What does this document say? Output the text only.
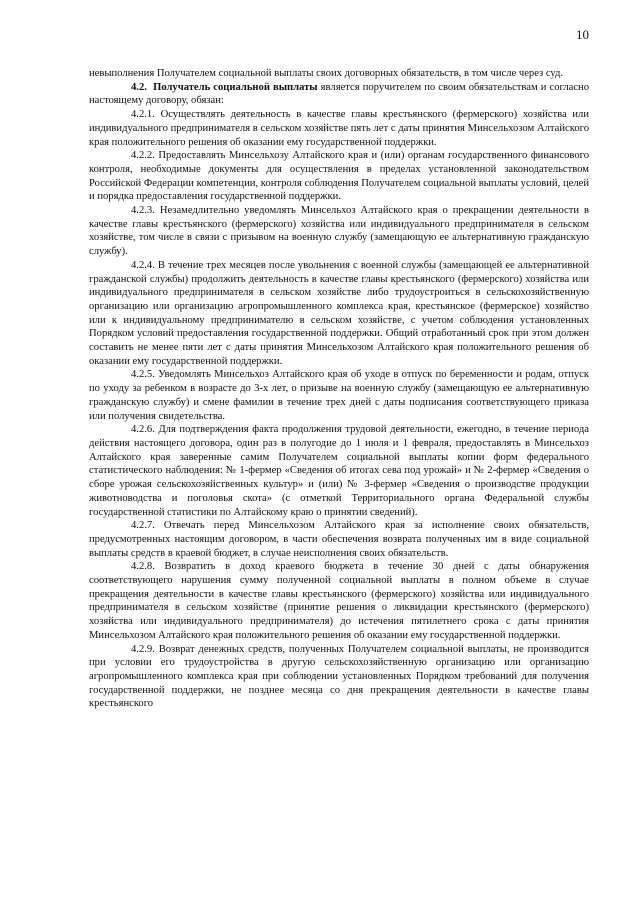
10

невыполнения Получателем социальной выплаты своих договорных обязательств, в том числе через суд.

4.2. Получатель социальной выплаты является поручителем по своим обязательствам и согласно настоящему договору, обязан:

4.2.1. Осуществлять деятельность в качестве главы крестьянского (фермерского) хозяйства или индивидуального предпринимателя в сельском хозяйстве пять лет с даты принятия Минсельхозом Алтайского края положительного решения об оказании ему государственной поддержки.

4.2.2. Предоставлять Минсельхозу Алтайского края и (или) органам государственного финансового контроля, необходимые документы для осуществления в пределах установленной законодательством Российской Федерации компетенции, контроля соблюдения Получателем социальной выплаты условий, целей и порядка предоставления государственной поддержки.

4.2.3. Незамедлительно уведомлять Минсельхоз Алтайского края о прекращении деятельности в качестве главы крестьянского (фермерского) хозяйства или индивидуального предпринимателя в сельском хозяйстве, том числе в связи с призывом на военную службу (замещающую ее альтернативную гражданскую службу).

4.2.4. В течение трех месяцев после увольнения с военной службы (замещающей ее альтернативной гражданской службы) продолжить деятельность в качестве главы крестьянского (фермерского) хозяйства или индивидуального предпринимателя в сельском хозяйстве либо трудоустроиться в сельскохозяйственную организацию или организацию агропромышленного комплекса края, крестьянское (фермерское) хозяйство или к индивидуальному предпринимателю в сельском хозяйстве, с учетом соблюдения установленных Порядком условий предоставления государственной поддержки. Общий отработанный срок при этом должен составить не менее пяти лет с даты принятия Минсельхозом Алтайского края положительного решения об оказании ему государственной поддержки.

4.2.5. Уведомлять Минсельхоз Алтайского края об уходе в отпуск по беременности и родам, отпуск по уходу за ребенком в возрасте до 3-х лет, о призыве на военную службу (замещающую ее альтернативную гражданскую службу) и смене фамилии в течение трех дней с даты подписания соответствующего приказа или получения свидетельства.

4.2.6. Для подтверждения факта продолжения трудовой деятельности, ежегодно, в течение периода действия настоящего договора, один раз в полугодие до 1 июля и 1 февраля, предоставлять в Минсельхоз Алтайского края заверенные самим Получателем социальной выплаты копии форм федерального статистического наблюдения: № 1-фермер «Сведения об итогах сева под урожай» и № 2-фермер «Сведения о сборе урожая сельскохозяйственных культур» и (или) № 3-фермер «Сведения о производстве продукции животноводства и поголовья скота» (с отметкой Территориального органа Федеральной службы государственной статистики по Алтайскому краю о принятии сведений).

4.2.7. Отвечать перед Минсельхозом Алтайского края за исполнение своих обязательств, предусмотренных настоящим договором, в части обеспечения возврата полученных им в виде социальной выплаты средств в краевой бюджет, в случае неисполнения своих обязательств.

4.2.8. Возвратить в доход краевого бюджета в течение 30 дней с даты обнаружения соответствующего нарушения сумму полученной социальной выплаты в полном объеме в случае прекращения деятельности в качестве главы крестьянского (фермерского) хозяйства или индивидуального предпринимателя в сельском хозяйстве (принятие решения о ликвидации крестьянского (фермерского) хозяйства или индивидуального предпринимателя) до истечения пятилетнего срока с даты принятия Минсельхозом Алтайского края положительного решения об оказании ему государственной поддержки.

4.2.9. Возврат денежных средств, полученных Получателем социальной выплаты, не производится при условии его трудоустройства в другую сельскохозяйственную организацию или организацию агропромышленного комплекса края при соблюдении установленных Порядком требований для получения государственной поддержки, не позднее месяца со дня прекращения деятельности в качестве главы крестьянского
